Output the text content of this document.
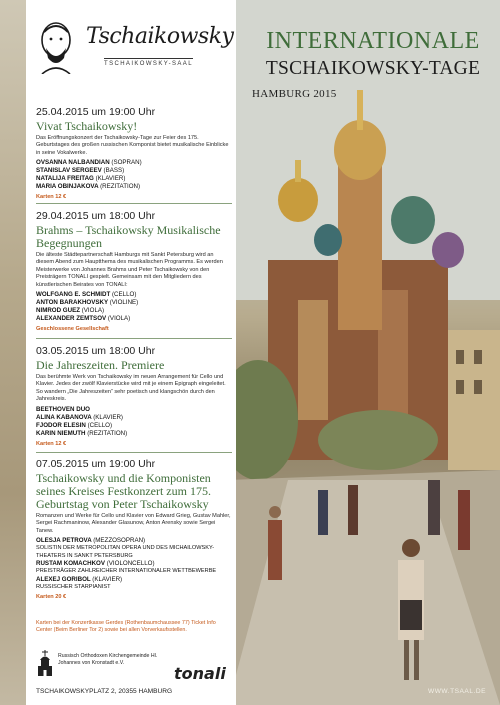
INTERNATIONALE
TSCHAIKOWSKY-TAGE
HAMBURG 2015
Tschaikowsky
TSCHAIKOWSKY-SAAL

25.04.2015 um 19:00 Uhr

Vivat Tschaikowsky!

Das Eröffnungskonzert der Tschaikowsky-Tage zur Feier des 175. Geburtstages des großen russischen Komponist bietet musikalische Einblicke in seine Vokalwerke.

OVSANNA NALBANDIAN (SOPRAN)

STANISLAV SERGEEV (BASS)

NATALIJA FREITAG (KLAVIER)

MARIA OBINJAKOVA (REZITATION)

Karten 12 €

29.04.2015 um 18:00 Uhr

Brahms – Tschaikowsky Musikalische Begegnungen

Die älteste Städtepartnerschaft Hamburgs mit Sankt Petersburg wird an diesem Abend zum Hauptthema des musikalischen Programms. Es werden Meisterwerke von Johannes Brahms und Peter Tschaikowsky von den Preisträgern TONALI gespielt. Gemeinsam mit den Mitgliedern des künstlerischen Beirates von TONALI:

WOLFGANG E. SCHMIDT (CELLO)

ANTON BARAKHOVSKY (VIOLINE)

NIMROD GUEZ (VIOLA)

ALEXANDER ZEMTSOV (VIOLA)

Geschlossene Gesellschaft

03.05.2015 um 18:00 Uhr

Die Jahreszeiten. Premiere

Das berühmte Werk von Tschaikowsky im neuen Arrangement für Cello und Klavier. Jedes der zwölf Klavierstücke wird mit je einem Epigraph eingeleitet. So wandern „Die Jahreszeiten“ sehr poetisch und klangschön durch den Jahreskreis.

BEETHOVEN DUO

ALINA KABANOVA (KLAVIER)

FJODOR ELESIN (CELLO)

KARIN NIEMUTH (REZITATION)

Karten 12 €

07.05.2015 um 19:00 Uhr

Tschaikowsky und die Komponisten seines Kreises Festkonzert zum 175. Geburtstag von Peter Tschaikowsky

Romanzen und Werke für Cello und Klavier von Edward Grieg, Gustav Mahler, Sergei Rachmaninow, Alexander Glasunow, Anton Arensky sowie Sergei Tanew.

OLESJA PETROVA (MEZZOSOPRAN)

SOLISTIN DER METROPOLITAN OPERA UND DES MICHAILOWSKY-THEATERS IN SANKT PETERSBURG

RUSTAM KOMACHKOV (VIOLONCELLO)

PREISTRÄGER ZAHLREICHER INTERNATIONALER WETTBEWERBE

ALEXEJ GORIBOL (KLAVIER)

RUSSISCHER STARPIANIST

Karten 20 €

Karten bei der Konzertkasse Gerdes (Rothenbaumchaussee 77) Ticket Info Center (Beim Berliner Tor 2) sowie bei allen Vorverkaufsstellen.
Russisch Orthodoxen Kirchengemeinde Hl. Johannes von Kronstadt e.V.
tonali
TSCHAIKOWSKYPLATZ 2, 20355 HAMBURG	WWW.TSAAL.DE
